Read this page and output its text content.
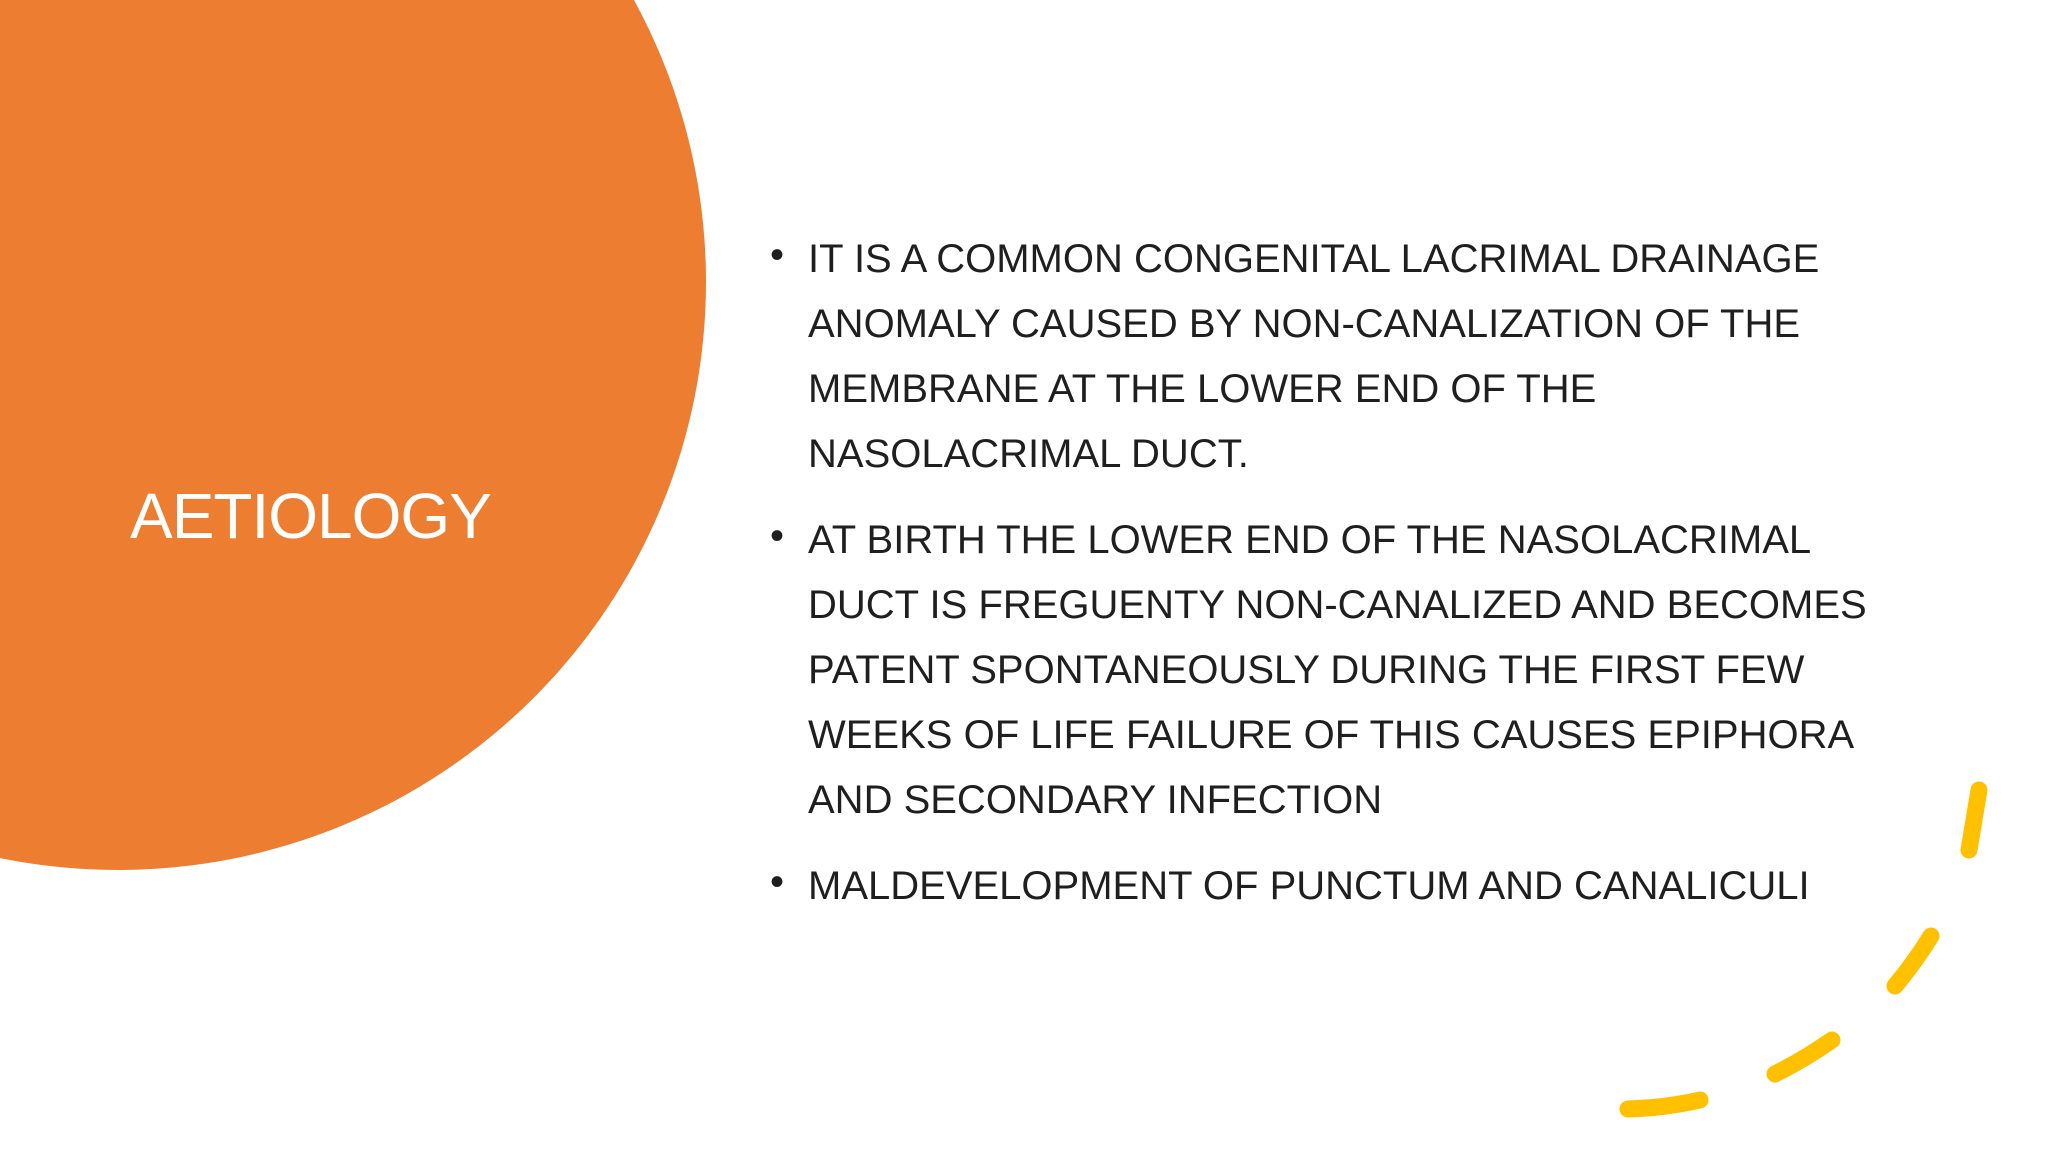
AETIOLOGY
• IT IS A COMMON CONGENITAL LACRIMAL DRAINAGE ANOMALY CAUSED BY NON-CANALIZATION OF THE MEMBRANE AT THE LOWER END OF THE NASOLACRIMAL DUCT.
• AT BIRTH THE LOWER END OF THE NASOLACRIMAL DUCT IS FREGUENTY NON-CANALIZED AND BECOMES PATENT SPONTANEOUSLY DURING THE FIRST FEW WEEKS OF LIFE FAILURE OF THIS CAUSES EPIPHORA AND SECONDARY INFECTION
• MALDEVELOPMENT OF PUNCTUM AND CANALICULI
